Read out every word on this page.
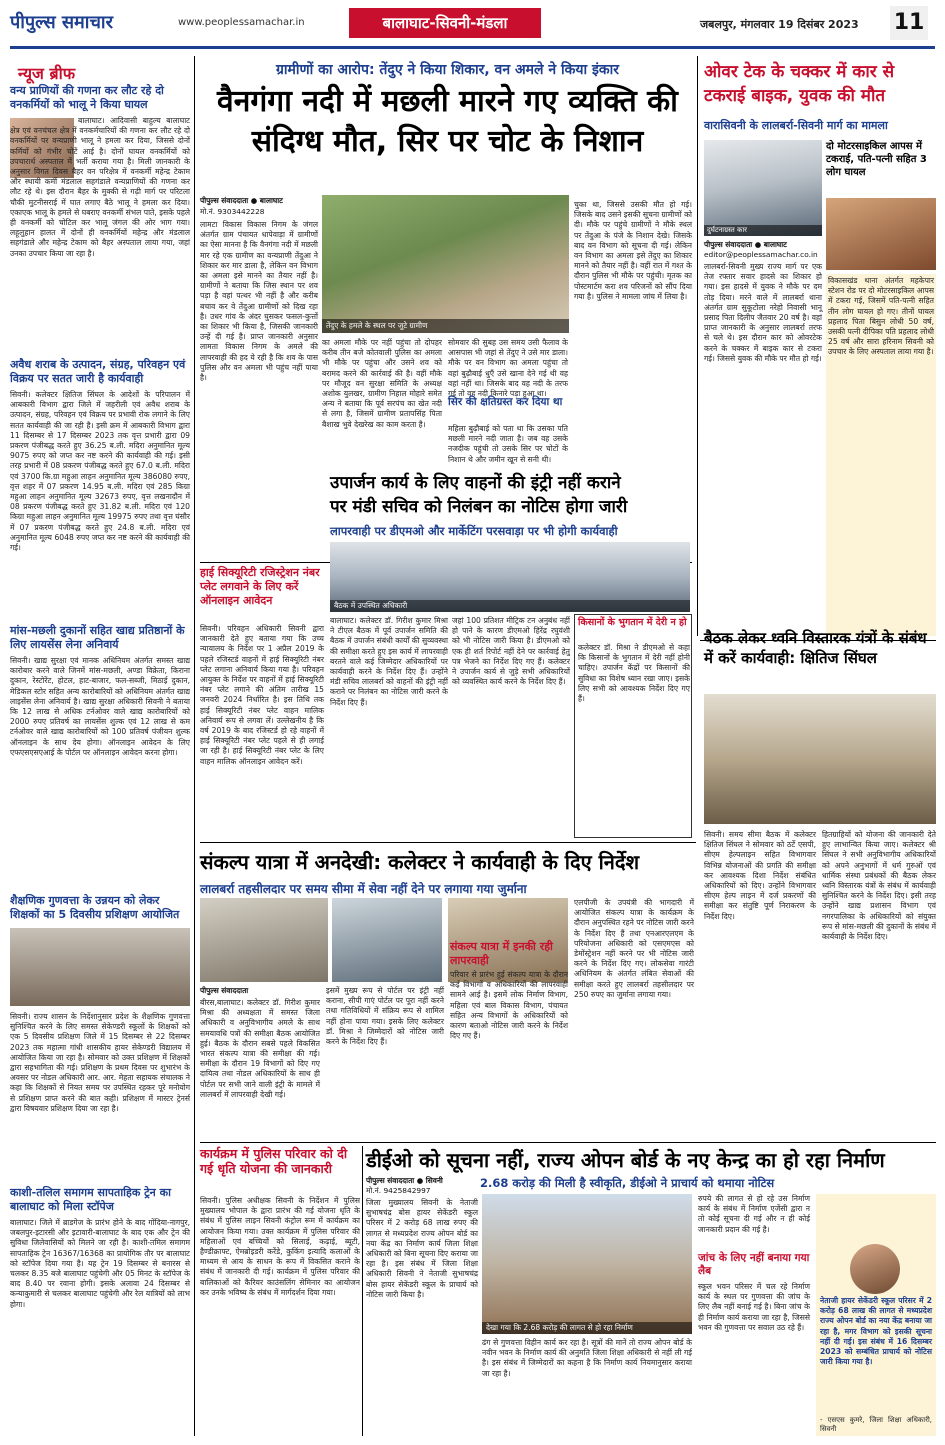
पीपुल्स समाचार	www.peoplessamachar.in	बालाघाट-सिवनी-मंडला	जबलपुर, मंगलवार 19 दिसंबर 2023 11
न्यूज ब्रीफ
वन्य प्राणियों की गणना कर लौट रहे दो वनकर्मियों को भालू ने किया घायल
बालाघाट। आदिवासी बाहुल्य बालाघाट क्षेत्र एवं वनचंचल क्षेत्र में वनकर्मचारियों की गणना कर लौट रहे दो वनकर्मियों पर वन्यप्राणी भालू ने हमला कर दिया, जिससे दोनों कर्मियों को गंभीर चोटें आई है। दोनों घायल वनकर्मियों को उपचारार्थ अस्पताल में भर्ती कराया गया है। मिली जानकारी के अनुसार विगत दिवस बैहर वन परिक्षेत्र में वनकर्मी महेन्द्र टेकाम और स्थायी कर्मी मंडलाल सहगंडाले वन्यप्राणियों की गणना कर लौट रहे थे। इस दौरान बैहर के मुक्की से गढ़ी मार्ग पर परिटला चौकी मुटनीसराई में घात लगाए बैठे भालू ने हमला कर दिया। एकाएक भालू के हमले से घबराए वनकर्मी संभल पाते, इसके पहले ही वनकर्मी को चोटिल कर भालू जंगल की ओर भाग गया। लहूलुहान हालत में दोनों ही वनकर्मियों महेन्द्र और मंडलाल सहगंडाले और महेन्द्र टेकाम को बैहर अस्पताल लाया गया, जहां उनका उपचार किया जा रहा है।
अवैध शराब के उत्पादन, संग्रह, परिवहन एवं विक्रय पर सतत जारी है कार्यवाही
सिवनी। कलेक्टर क्षितिज सिंघल के आदेशों के परिपालन में आबकारी विभाग द्वारा जिले में जहरीली एवं अवैध शराब के उत्पादन, संग्रह, परिवहन एवं विक्रय पर प्रभावी रोक लगाने के लिए सतत कार्यवाही की जा रही है। इसी क्रम में आबकारी विभाग द्वारा 11 दिसम्बर से 17 दिसम्बर 2023 तक वृत्त प्रभारी द्वारा 09 प्रकरण पंजीबद्ध करते हुए 36.25 ब.ली. मदिरा अनुमानित मूल्य 9075 रुपए को जप्त कर नष्ट करने की कार्यवाही की गई। इसी तरह प्रभारी में 08 प्रकरण पंजीबद्ध करते हुए 67.0 ब.ली. मदिरा एवं 3700 कि.ग्रा महुआ लाहन अनुमानित मूल्य 386080 रुपए, वृत्त शहर में 07 प्रकरण 14.95 ब.ली. मदिरा एवं 285 किग्रा महुआ लाहन अनुमानित मूल्य 32673 रुपए, वृत्त लखनादौन में 08 प्रकरण पंजीबद्ध करते हुए 31.82 ब.ली. मदिरा एवं 120 किग्रा महुआ लाहन अनुमानित मूल्य 19975 रुपए तथा वृत्त घंसौर में 07 प्रकरण पंजीबद्ध करते हुए 24.8 ब.ली. मदिरा एवं अनुमानित मूल्य 6048 रुपए जप्त कर नष्ट करने की कार्यवाही की गई।
मांस-मछली दुकानों सहित खाद्य प्रतिष्ठानों के लिए लायसेंस लेना अनिवार्य
सिवनी। खाद्य सुरक्षा एवं मानक अधिनियम अंतर्गत समस्त खाद्य कारोबार करने वाले जिनमें मांस-मछली, अण्डा विक्रेता, किराना दुकान, रेस्टोरेंट, होटल, हाट-बाजार, फल-सब्जी, मिठाई दुकान, मेडिकल स्टोर सहित अन्य कारोबारियों को अधिनियम अंतर्गत खाद्य लाइसेंस लेना अनिवार्य है। खाद्य सुरक्षा अधिकारी सिवनी ने बताया कि 12 लाख से अधिक टर्नओवर वाले खाद्य कारोबारियों को 2000 रुपए प्रतिवर्ष का लायसेंस शुल्क एवं 12 लाख से कम टर्नओवर वाले खाद्य कारोबारियों को 100 प्रतिवर्ष पंजीयन शुल्क ऑनलाइन के साथ देय होगा। ऑनलाइन आवेदन के लिए एफएसएसएआई के पोर्टल पर ऑनलाइन आवेदन करना होगा।
शैक्षणिक गुणवत्ता के उन्नयन को लेकर शिक्षकों का 5 दिवसीय प्रशिक्षण आयोजित
सिवनी। राज्य शासन के निर्देशानुसार प्रदेश के शैक्षणिक गुणवत्ता सुनिश्चित करने के लिए समस्त सेकेण्डरी स्कूलों के शिक्षकों को एक 5 दिवसीय प्रशिक्षण जिले में 15 दिसम्बर से 22 दिसम्बर 2023 तक महात्मा गांधी शासकीय हायर सेकेण्डरी विद्यालय में आयोजित किया जा रहा है। सोमवार को उक्त प्रशिक्षण में शिक्षकों द्वारा सहभागिता की गई। प्रशिक्षण के प्रथम दिवस पर शुभारंभ के अवसर पर नोडल अधिकारी आर. आर. मेहता सहायक संचालक ने कहा कि शिक्षकों से नियत समय पर उपस्थित रहकर पूरे मनोयोग से प्रशिक्षण प्राप्त करने की बात कही। प्रशिक्षण में मास्टर ट्रेनर्स द्वारा विषयवार प्रशिक्षण दिया जा रहा है।
काशी-तलिल समागम सापताहिक ट्रेन का बालाघाट को मिला स्टॉपेज
बालाघाट। जिले में ब्राडगेज के प्रारंभ होने के बाद गोंदिया-नागपुर, जबलपुर-इटारसी और इटावारी-बालाघाट के बाद एक और ट्रेन की सुविधा जिलेवासियों को मिलने जा रही है। काशी-तमिल समागम सापताहिक ट्रेन 16367/16368 का प्रायोगिक तौर पर बालाघाट को स्टॉपेज दिया गया है। यह ट्रेन 19 दिसम्बर से बनारस से चलकर 8.35 बजे बालाघाट पहुंचेगी और 05 मिनट के स्टॉपेज के बाद 8.40 पर रवाना होगी। इसके अलावा 24 दिसम्बर से कन्याकुमारी से चलकर बालाघाट पहुंचेगी और रेल यात्रियों को लाभ होगा।
ग्रामीणों का आरोप: तेंदुए ने किया शिकार, वन अमले ने किया इंकार
वैनगंगा नदी में मछली मारने गए व्यक्ति की संदिग्ध मौत, सिर पर चोट के निशान
पीपुल्स संवाददाता ● बालाघाट
मो.नं. 9303442228
तेंदुए के हमले के स्थल पर जुटे ग्रामीण
लामटा विकास विकास निगम के जंगल अंतर्गत ग्राम पंचायत धापेवाड़ा में ग्रामीणों का ऐसा मानना है कि वैनगंगा नदी में मछली मार रहे एक ग्रामीण का वन्यप्राणी तेंदुआ ने शिकार कर मार डाला है, लेकिन वन विभाग का अमला इसे मानने का तैयार नहीं है। ग्रामीणों ने बताया कि जिस स्थान पर शव पड़ा है वहां पत्थर भी नहीं है और करीब बचाव कर वे तेंदुआ ग्रामीणों को दिख रहा है। उधर गांव के अंदर घुसकर फसल-कुत्तों का शिकार भी किया है, जिसकी जानकारी उन्हें दी गई है। प्राप्त जानकारी अनुसार लामता विकास निगम के अमले की लापरवाही की हद ये रही है कि शव के पास पुलिस और वन अमला भी पहुंच नहीं पाया है।
का अमला मौके पर नहीं पहुंचा तो दोपहर करीब तीन बजे कोतवाली पुलिस का अमला भी मौके पर पहुंचा और उसने शव को बरामद करने की कार्रवाई की है। वहीं मौके पर मौजूद वन सुरक्षा समिति के अध्यक्ष अशोक युलखर, ग्रामीण निहाल मोहारे समेत अन्य ने बताया कि पूर्व सरपंच का खेत नदी से लगा है, जिसमें ग्रामीण प्रतापसिंह पिता बैशाख भुवे देखरेख का काम करता है।
सोमवार की सुबह उस समय उसी फैलाव के आसपास भी जहां से तेंदुए ने उसे मार डाला। मौके पर वन विभाग का अमला पहुंचा तो वहां बुढ़ौबाई धुएँ उसे खाना देने गई थी वह वहां नहीं था। जिसके बाद वह नदी के तरफ गई तो वह नदी किनारे पड़ा हुआ था।
सिर की क्षतिग्रस्त कर दिया था
महिला बुढ़ौबाई को पता था कि उसका पति मछली मारने नदी जाता है। जब वह उसके नजदीक पहुंची तो उसके सिर पर चोटों के निशान थे और जमीन खून से सनी थी।
चुका था, जिससे उसकी मौत हो गई। जिसके बाद उसने इसकी सूचना ग्रामीणों को दी। मौके पर पहुंचे ग्रामीणों ने मौके स्थल पर तेंदुआ के पंजे के निशान देखे। जिसके बाद वन विभाग को सूचना दी गई। लेकिन वन विभाग का अमला इसे तेंदुए का शिकार मानने को तैयार नहीं है। वहीं रात में गश्त के दौरान पुलिस भी मौके पर पहुंची। मृतक का पोस्टमार्टम करा शव परिजनों को सौंप दिया गया है। पुलिस ने मामला जांच में लिया है।
ओवर टेक के चक्कर में कार से टकराई बाइक, युवक की मौत
वारासिवनी के लालबर्रा-सिवनी मार्ग का मामला
दुर्घटनाग्रस्त कार
दो मोटरसाइकिल आपस में टकराई, पति-पत्नी सहित 3 लोग घायल
पीपुल्स संवाददाता ● बालाघाट
editor@peoplessamachar.co.in
लालबर्रा-सिवनी मुख्य राज्य मार्ग पर एक तेज रफ्तार सवार हादसे का शिकार हो गया। इस हादसे में युवक ने मौके पर दम तोड़ दिया। मरने वाले में लालबर्रा थाना अंतर्गत ग्राम सुकूटोला नरेहो निवासी भानू प्रसाद पिता दिलीप जैतवार 20 वर्ष है। वहां प्राप्त जानकारी के अनुसार लालबर्रा तरफ से चले थे। इस दौरान कार को ओवरटेक करने के चक्कर में बाइक कार से टकरा गई। जिससे युवक की मौके पर मौत हो गई।
विकासखंड थाना अंतर्गत महकेपार स्टेशन रोड पर दो मोटरसाइकिल आपस में टकरा गई, जिसमें पति-पत्नी सहित तीन लोग घायल हो गए। तीनों घायल प्रहलाद पिता बिसुन लोधी 50 वर्ष, उसकी पत्नी दीपिका पति प्रहलाद लोधी 25 वर्ष और सारा हरिनाम सिवनी को उपचार के लिए अस्पताल लाया गया है।
उपार्जन कार्य के लिए वाहनों की इंट्री नहीं कराने
पर मंडी सचिव को निलंबन का नोटिस होगा जारी
लापरवाही पर डीएमओ और मार्केटिंग परसवाड़ा पर भी होगी कार्यवाही
बैठक में उपस्थित अधिकारी
हाई सिक्यूरिटी रजिस्ट्रेशन नंबर प्लेट लगवाने के लिए करें ऑनलाइन आवेदन
सिवनी। परिवहन अधिकारी सिवनी द्वारा जानकारी देते हुए बताया गया कि उच्च न्यायालय के निर्देश पर 1 अप्रैल 2019 के पहले रजिस्टर्ड वाहनों में हाई सिक्यूरिटी नंबर प्लेट लगाना अनिवार्य किया गया है। परिवहन आयुक्त के निर्देश पर वाहनों में हाई सिक्यूरिटी नंबर प्लेट लगाने की अंतिम तारीख 15 जनवरी 2024 निर्धारित है। इस तिथि तक हाई सिक्यूरिटी नंबर प्लेट वाहन मालिक अनिवार्य रूप से लगवा लें। उल्लेखनीय है कि वर्ष 2019 के बाद रजिस्टर्ड हो रहे वाहनों में हाई सिक्यूरिटी नंबर प्लेट पहले से ही लगाई जा रही है। हाई सिक्यूरिटी नंबर प्लेट के लिए वाहन मालिक ऑनलाइन आवेदन करें।
बालाघाट। कलेक्टर डॉ. गिरीश कुमार मिश्रा ने टीएल बैठक में पूर्व उपार्जन समिति की बैठक में उपार्जन संबंधी कार्यों की सुव्यवस्था की समीक्षा करते हुए इस कार्य में लापरवाही बरतने वाले कई जिम्मेदार अधिकारियों पर कार्यवाही करने के निर्देश दिए हैं। उन्होंने मंडी सचिव लालबर्रा को वाहनों की इंट्री नहीं कराने पर निलंबन का नोटिस जारी करने के निर्देश दिए हैं।
जहां 100 प्रतिशत मीट्रिक टन अनुबंध नहीं हो पाने के कारण डीएमओ हिरेंद्र रघुवंशी को भी नोटिस जारी किया है। डीएमओ को एक ही शर्त रिपोर्ट नहीं देने पर कार्रवाई हेतु पत्र भेजने का निर्देश दिए गए हैं। कलेक्टर ने उपार्जन कार्य से जुड़े सभी अधिकारियों को व्यवस्थित कार्य करने के निर्देश दिए हैं।
किसानों के भुगतान में देरी न हो
कलेक्टर डॉ. मिश्रा ने डीएमओ से कहा कि किसानों के भुगतान में देरी नहीं होनी चाहिए। उपार्जन केंद्रों पर किसानों की सुविधा का विशेष ध्यान रखा जाए। इसके लिए सभी को आवश्यक निर्देश दिए गए हैं।
बैठक लेकर ध्वनि विस्तारक यंत्रों के संबंध में करें कार्यवाही: क्षितिज सिंघल
सिवनी। समय सीमा बैठक में कलेक्टर क्षितिज सिंघल ने सोमवार को ठर्टे एसपी, सीएम हेल्पलाइन सहित विभागवार विभिन्न योजनाओं की प्रगति की समीक्षा कर आवश्यक दिशा निर्देश संबंधित अधिकारियों को दिए। उन्होंने विभागवार सीएम हेल्प लाइन में दर्ज प्रकरणों की समीक्षा कर संतुष्टि पूर्ण निराकरण के निर्देश दिए।
हितग्राहियों को योजना की जानकारी देते हुए लाभान्वित किया जाए। कलेक्टर श्री सिंघल ने सभी अनुविभागीय अधिकारियों को अपने अनुभागों में धर्म गुरुओं एवं धार्मिक संस्था प्रबंधकों की बैठक लेकर ध्वनि विस्तारक यंत्रों के संबंध में कार्यवाही सुनिश्चित करने के निर्देश दिए। इसी तरह उन्होंने खाद्य प्रशासन विभाग एवं नगरपालिका के अधिकारियों को संयुक्त रूप से मांस-मछली की दुकानों के संबंध में कार्यवाही के निर्देश दिए।
संकल्प यात्रा में अनदेखी: कलेक्टर ने कार्यवाही के दिए निर्देश
लालबर्रा तहसीलदार पर समय सीमा में सेवा नहीं देने पर लगाया गया जुर्माना
पीपुल्स संवाददाता
बीरस,बालाघाट। कलेक्टर डॉ. गिरीश कुमार मिश्रा की अध्यक्षता में समस्त जिला अधिकारी व अनुविभागीय अमले के साथ समयावधि पत्रों की समीक्षा बैठक आयोजित हुई। बैठक के दौरान सबसे पहले विकसित भारत संकल्प यात्रा की समीक्षा की गई। समीक्षा के दौरान 19 विभागों को दिए गए दायित्व तथा नोडल अधिकारियों के साथ ही पोर्टल पर सभी जाने वाली इंट्री के मामले में लालबर्रा में लापरवाही देखी गई।
इसमें मुख्य रूप से पोर्टल पर इंट्री नहीं कराना, सीपी गाएं पोर्टल पर पूरा नहीं करने तथा गतिविधियों में संक्रिय रूप से शामिल नहीं होना पाया गया। इसके लिए कलेक्टर डॉ. मिश्रा ने जिम्मेदारों को नोटिस जारी करने के निर्देश दिए हैं।
संकल्प यात्रा में इनकी रही लापरवाही
परिवार से प्रारंभ हुई संकल्प यात्रा के दौरान कई विभागों व अधिकारियों की लापरवाही सामने आई है। इसमें लोक निर्माण विभाग, महिला एवं बाल विकास विभाग, पंचायत सहित अन्य विभागों के अधिकारियों को कारण बताओ नोटिस जारी करने के निर्देश दिए गए हैं।
एलपीजी के उपयंत्री की भागदारी में आयोजित संकल्प यात्रा के कार्यक्रम के दौरान अनुपस्थित रहने पर नोटिस जारी करने के निर्देश दिए हैं तथा एनआरएलएम के परियोजना अधिकारी को एसएमएस को डेमोंस्ट्रेशन नहीं करने पर भी नोटिस जारी करने के निर्देश दिए गए। लोकसेवा गारंटी अधिनियम के अंतर्गत लंबित सेवाओं की समीक्षा करते हुए लालबर्रा तहसीलदार पर 250 रुपए का जुर्माना लगाया गया।
कार्यक्रम में पुलिस परिवार को दी गई धृति योजना की जानकारी
सिवनी। पुलिस अधीक्षक सिवनी के निर्देशन में पुलिस मुख्यालय भोपाल के द्वारा प्रारंभ की गई योजना धृति के संबंध में पुलिस लाइन सिवनी कंट्रोल रूम में कार्यक्रम का आयोजन किया गया। उक्त कार्यक्रम में पुलिस परिवार की महिलाओं एवं बच्चियों को सिलाई, कढ़ाई, ब्यूटी, हैण्डीक्राफ्ट, ऐमब्रोइडरी करेंडे, कुकिंग इत्यादि कलाओं के माध्यम से आय के साधन के रूप में विकसित कराने के संबंध में जानकारी दी गई। कार्यक्रम में पुलिस परिवार की बालिकाओं को कैरियर काउंसलिंग सेमिनार का आयोजन कर उनके भविष्य के संबंध में मार्गदर्शन दिया गया।
डीईओ को सूचना नहीं, राज्य ओपन बोर्ड के नए केन्द्र का हो रहा निर्माण
2.68 करोड़ की मिली है स्वीकृति, डीईओ ने प्राचार्य को थमाया नोटिस
पीपुल्स संवाददाता ● सिवनी
मो.नं. 9425842997
जिला मुख्यालय सिवनी के नेताजी सुभाषचंद्र बोस हायर सेकेंडरी स्कूल परिसर में 2 करोड़ 68 लाख रुपए की लागत से मध्यप्रदेश राज्य ओपन बोर्ड का नया केंद्र का निर्माण कार्य जिला शिक्षा अधिकारी को बिना सूचना दिए कराया जा रहा है। इस संबंध में जिला शिक्षा अधिकारी सिवनी ने नेताजी सुभाषचंद्र बोस हायर सेकेंडरी स्कूल के प्राचार्य को नोटिस जारी किया है।
देखा गया कि 2.68 करोड़ की लागत से हो रहा निर्माण
ढंग से गुणवत्ता विहीन कार्य कर रहा है। सूत्रों की मानें तो राज्य ओपन बोर्ड के नवीन भवन के निर्माण कार्य की अनुमति जिला शिक्षा अधिकारी से नहीं ली गई है। इस संबंध में जिम्मेदारों का कहना है कि निर्माण कार्य नियमानुसार कराया जा रहा है।
रुपये की लागत से हो रहे उस निर्माण कार्य के संबंध में निर्माण एजेंसी द्वारा न तो कोई सूचना दी गई और न ही कोई जानकारी प्रदान की गई है।
जांच के लिए नहीं बनाया गया लैब
स्कूल भवन परिसर में चल रहे निर्माण कार्य के स्थल पर गुणवत्ता की जांच के लिए लैब नहीं बनाई गई है। बिना जांच के ही निर्माण कार्य कराया जा रहा है, जिससे भवन की गुणवत्ता पर सवाल उठ रहे हैं।
नेताजी हायर सेकेंडरी स्कूल परिसर में 2 करोड़ 68 लाख की लागत से मध्यप्रदेश राज्य ओपन बोर्ड का नया केंद्र बनाया जा रहा है, मगर विभाग को इसकी सूचना नहीं दी गई। इस संबंध में 16 दिसम्बर 2023 को सम्बंधित प्राचार्य को नोटिस जारी किया गया है।
- एसएस कुमरे, जिला शिक्षा अधिकारी, सिवनी
